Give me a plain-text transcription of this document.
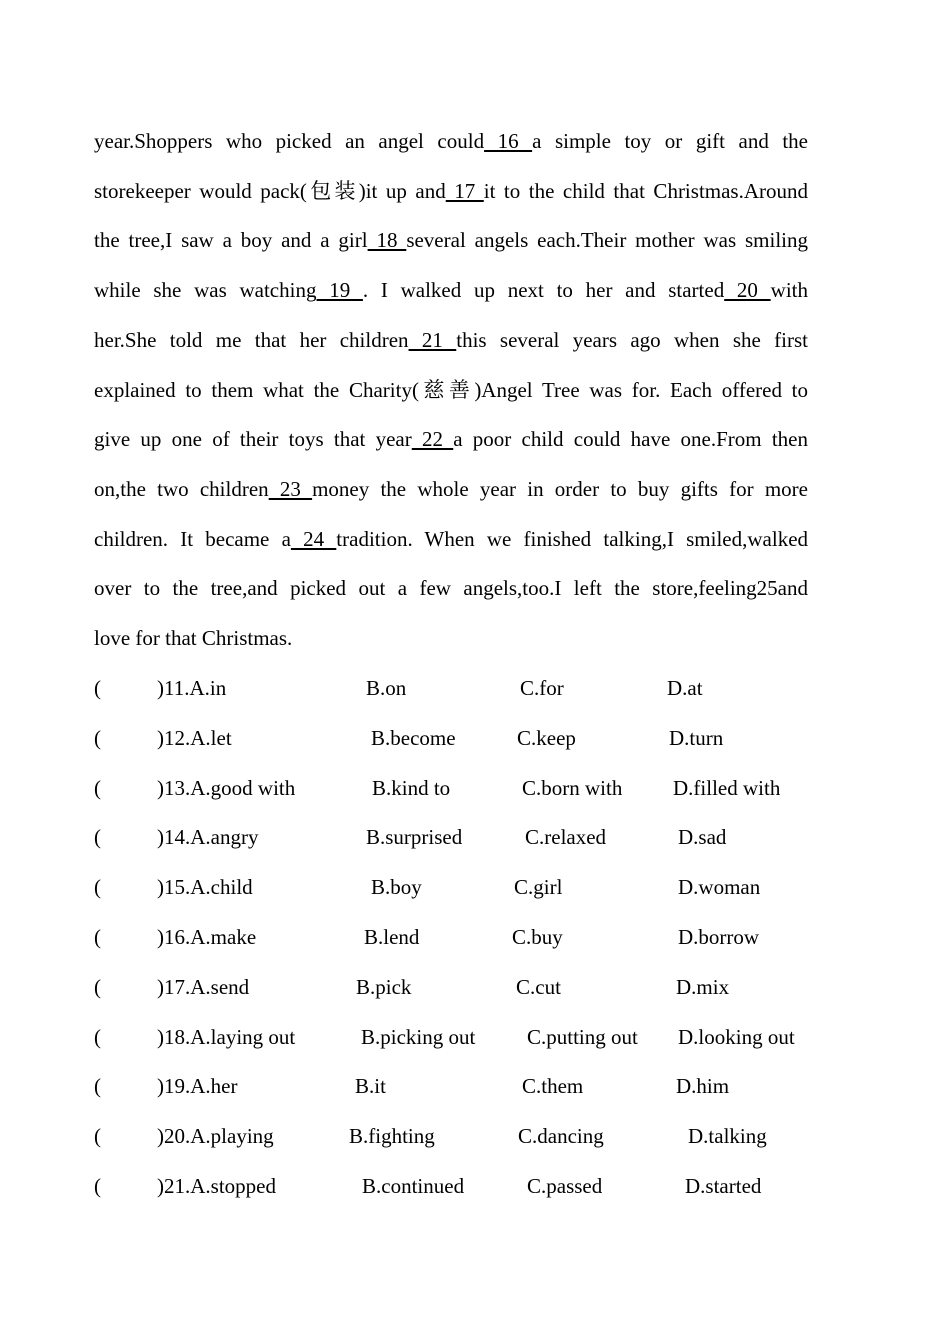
year.Shoppers who picked an angel could 16 a simple toy or gift and the
storekeeper would pack(包装)it up and 17 it to the child that Christmas.Around
the tree,I saw a boy and a girl 18 several angels each.Their mother was smiling
while she was watching 19 . I walked up next to her and started 20 with
her.She told me that her children 21 this several years ago when she first
explained to them what the Charity(慈善)Angel Tree was for. Each offered to
give up one of their toys that year 22 a poor child could have one.From then
on,the two children 23 money the whole year in order to buy gifts for more
children. It became a 24 tradition. When we finished talking,I smiled,walked
over to the tree,and picked out a few angels,too.I left the store,feeling25and
love for that Christmas.
(	)11.A.in	B.on	C.for	D.at
(	)12.A.let	B.become	C.keep	D.turn
(	)13.A.good with	B.kind to	C.born with D.filled with
(	)14.A.angry	B.surprised	C.relaxed	D.sad
(	)15.A.child	B.boy	C.girl	D.woman
(	)16.A.make	B.lend	C.buy	D.borrow
(	)17.A.send	B.pick	C.cut	D.mix
(	)18.A.laying out	B.picking out C.putting out D.looking out
(	)19.A.her	B.it	C.them	D.him
(	)20.A.playing	B.fighting	C.dancing	D.talking
(	)21.A.stopped	B.continued	C.passed	D.started
